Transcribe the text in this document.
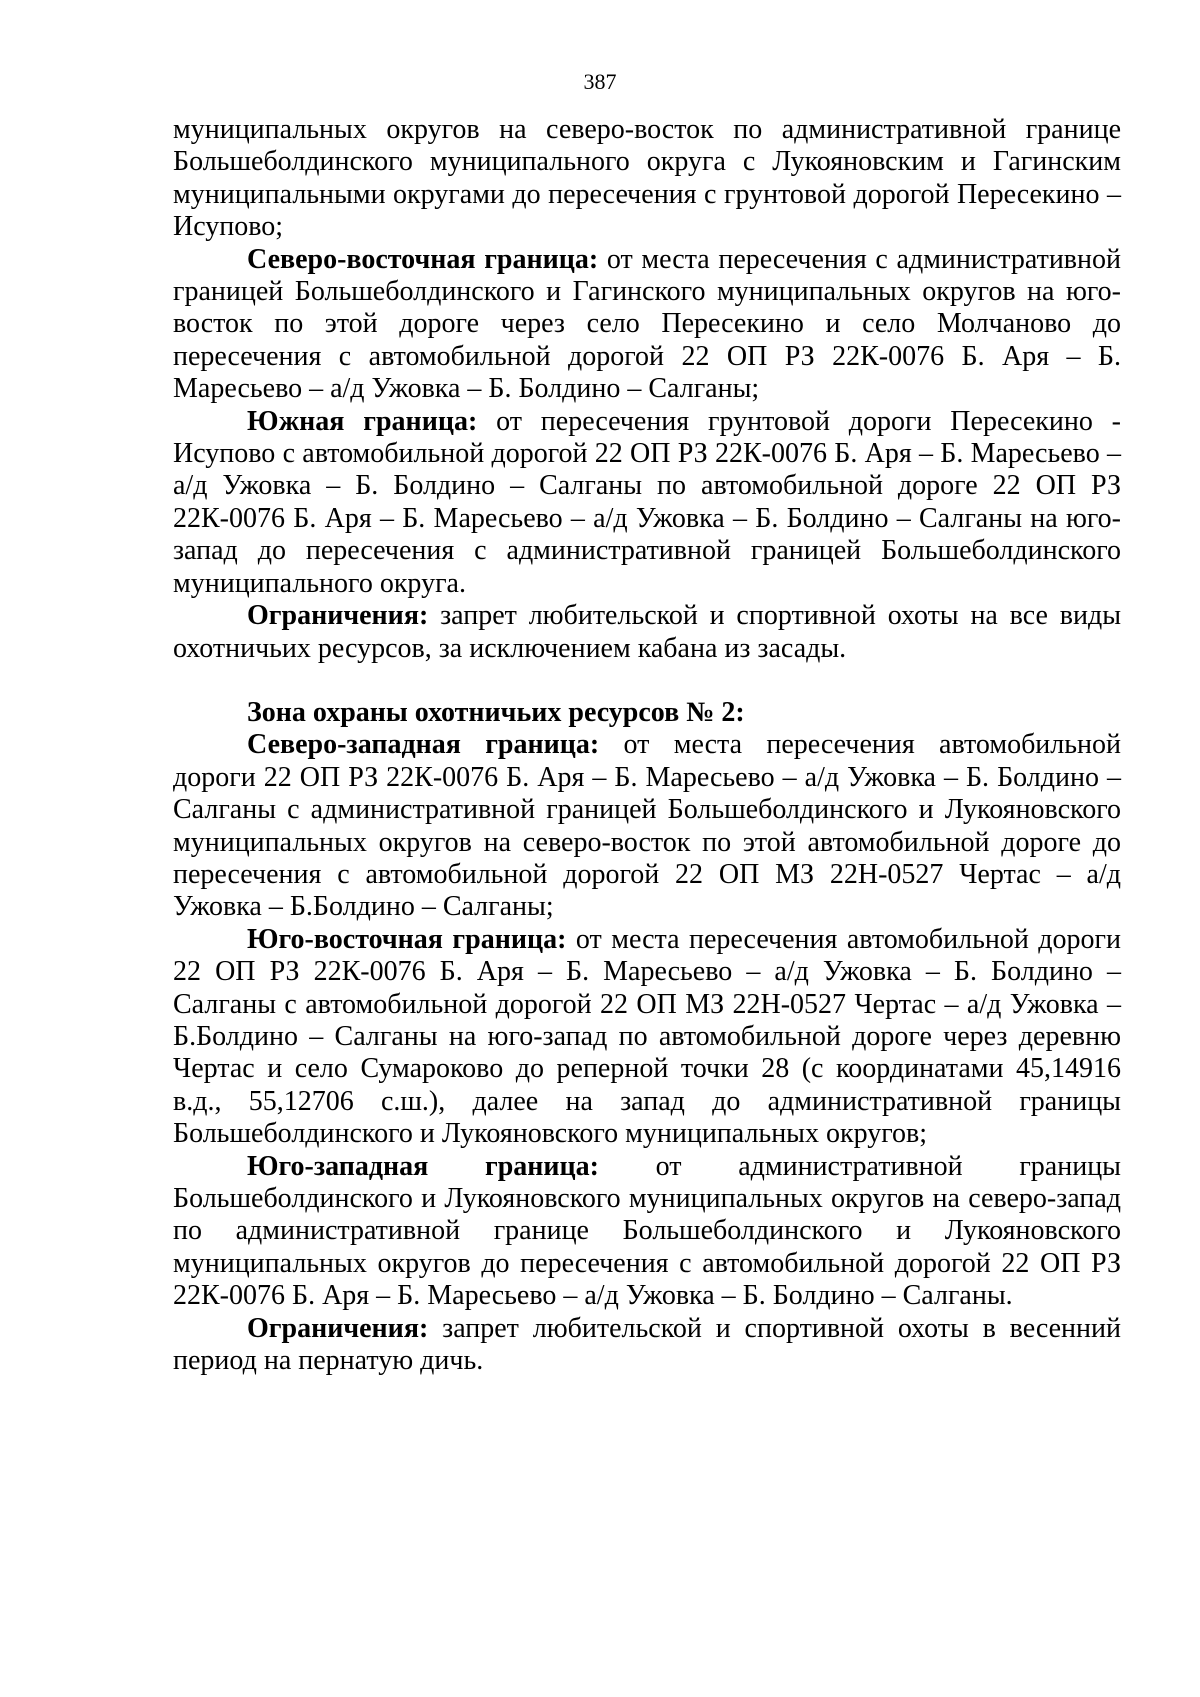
387

муниципальных округов на северо-восток по административной границе Большеболдинского муниципального округа с Лукояновским и Гагинским муниципальными округами до пересечения с грунтовой дорогой Пересекино – Исупово;

Северо-восточная граница: от места пересечения с административной границей Большеболдинского и Гагинского муниципальных округов на юго-восток по этой дороге через село Пересекино и село Молчаново до пересечения с автомобильной дорогой 22 ОП РЗ 22К-0076 Б. Аря – Б. Маресьево – а/д Ужовка – Б. Болдино – Салганы;

Южная граница: от пересечения грунтовой дороги Пересекино - Исупово с автомобильной дорогой 22 ОП РЗ 22К-0076 Б. Аря – Б. Маресьево – а/д Ужовка – Б. Болдино – Салганы по автомобильной дороге 22 ОП РЗ 22К-0076 Б. Аря – Б. Маресьево – а/д Ужовка – Б. Болдино – Салганы на юго-запад до пересечения с административной границей Большеболдинского муниципального округа.

Ограничения: запрет любительской и спортивной охоты на все виды охотничьих ресурсов, за исключением кабана из засады.

Зона охраны охотничьих ресурсов № 2:

Северо-западная граница: от места пересечения автомобильной дороги 22 ОП РЗ 22К-0076 Б. Аря – Б. Маресьево – а/д Ужовка – Б. Болдино – Салганы с административной границей Большеболдинского и Лукояновского муниципальных округов на северо-восток по этой автомобильной дороге до пересечения с автомобильной дорогой 22 ОП МЗ 22Н-0527 Чертас – а/д Ужовка – Б.Болдино – Салганы;

Юго-восточная граница: от места пересечения автомобильной дороги 22 ОП РЗ 22К-0076 Б. Аря – Б. Маресьево – а/д Ужовка – Б. Болдино – Салганы с автомобильной дорогой 22 ОП МЗ 22Н-0527 Чертас – а/д Ужовка – Б.Болдино – Салганы на юго-запад по автомобильной дороге через деревню Чертас и село Сумароково до реперной точки 28 (с координатами 45,14916 в.д., 55,12706 с.ш.), далее на запад до административной границы Большеболдинского и Лукояновского муниципальных округов;

Юго-западная граница: от административной границы Большеболдинского и Лукояновского муниципальных округов на северо-запад по административной границе Большеболдинского и Лукояновского муниципальных округов до пересечения с автомобильной дорогой 22 ОП РЗ 22К-0076 Б. Аря – Б. Маресьево – а/д Ужовка – Б. Болдино – Салганы.

Ограничения: запрет любительской и спортивной охоты в весенний период на пернатую дичь.
